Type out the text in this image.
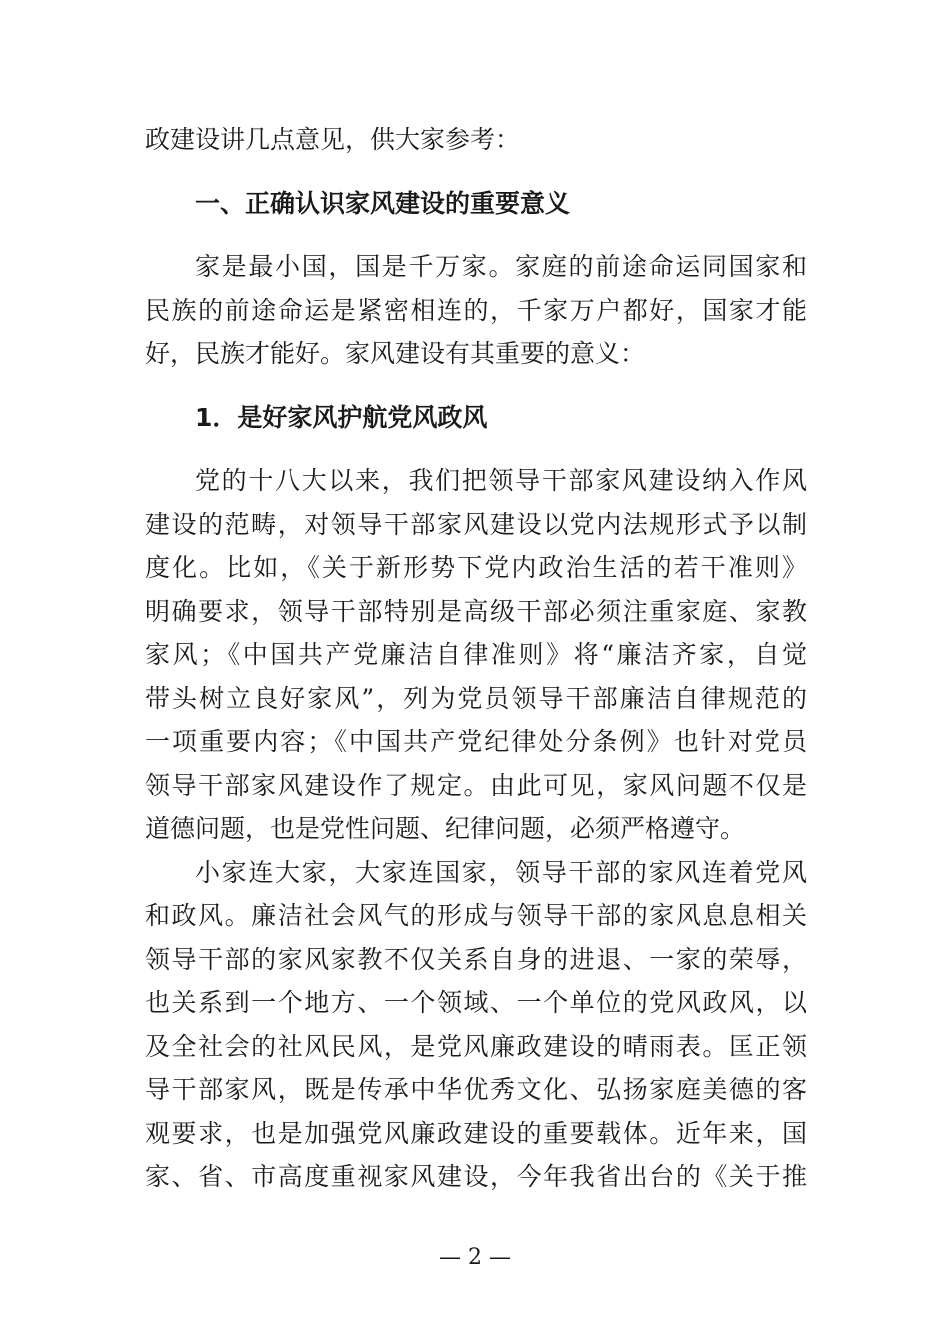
政建设讲几点意见，供大家参考：
一、正确认识家风建设的重要意义
家是最小国，国是千万家。家庭的前途命运同国家和
民族的前途命运是紧密相连的，千家万户都好，国家才能
好，民族才能好。家风建设有其重要的意义：
1．是好家风护航党风政风
党的十八大以来，我们把领导干部家风建设纳入作风
建设的范畴，对领导干部家风建设以党内法规形式予以制
度化。比如，《关于新形势下党内政治生活的若干准则》
明确要求，领导干部特别是高级干部必须注重家庭、家教
家风；《中国共产党廉洁自律准则》将“廉洁齐家，自觉
带头树立良好家风”，列为党员领导干部廉洁自律规范的
一项重要内容；《中国共产党纪律处分条例》也针对党员
领导干部家风建设作了规定。由此可见，家风问题不仅是
道德问题，也是党性问题、纪律问题，必须严格遵守。
小家连大家，大家连国家，领导干部的家风连着党风
和政风。廉洁社会风气的形成与领导干部的家风息息相关
领导干部的家风家教不仅关系自身的进退、一家的荣辱，
也关系到一个地方、一个领域、一个单位的党风政风，以
及全社会的社风民风，是党风廉政建设的晴雨表。匡正领
导干部家风，既是传承中华优秀文化、弘扬家庭美德的客
观要求，也是加强党风廉政建设的重要载体。近年来，国
家、省、市高度重视家风建设，今年我省出台的《关于推
— 2 —
